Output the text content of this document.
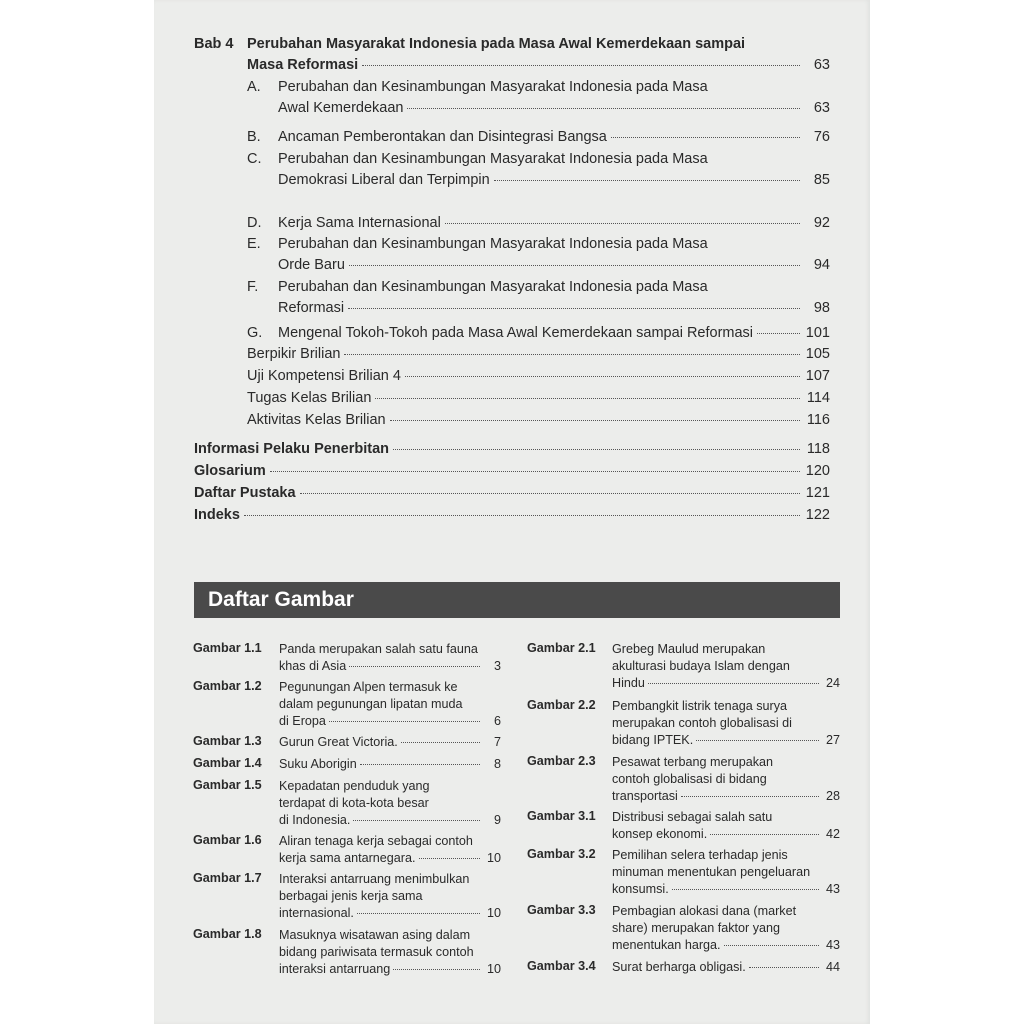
Bab 4 Perubahan Masyarakat Indonesia pada Masa Awal Kemerdekaan sampai
Masa Reformasi	63
A. Perubahan dan Kesinambungan Masyarakat Indonesia pada Masa
Awal Kemerdekaan	63
B. Ancaman Pemberontakan dan Disintegrasi Bangsa	76
C. Perubahan dan Kesinambungan Masyarakat Indonesia pada Masa
Demokrasi Liberal dan Terpimpin	85
D. Kerja Sama Internasional	92
E. Perubahan dan Kesinambungan Masyarakat Indonesia pada Masa
Orde Baru	94
F. Perubahan dan Kesinambungan Masyarakat Indonesia pada Masa
Reformasi	98
G. Mengenal Tokoh-Tokoh pada Masa Awal Kemerdekaan sampai Reformasi	101
Berpikir Brilian	105
Uji Kompetensi Brilian 4	107
Tugas Kelas Brilian	114
Aktivitas Kelas Brilian	116
Informasi Pelaku Penerbitan	118
Glosarium	120
Daftar Pustaka	121
Indeks	122
Daftar Gambar
Gambar 1.1 Panda merupakan salah satu fauna
khas di Asia	3
Gambar 1.2 Pegunungan Alpen termasuk ke
dalam pegunungan lipatan muda
di Eropa	6
Gambar 1.3 Gurun Great Victoria.	7
Gambar 1.4 Suku Aborigin	8
Gambar 1.5 Kepadatan penduduk yang
terdapat di kota-kota besar
di Indonesia.	9
Gambar 1.6 Aliran tenaga kerja sebagai contoh
kerja sama antarnegara.	10
Gambar 1.7 Interaksi antarruang menimbulkan
berbagai jenis kerja sama
internasional.	10
Gambar 1.8 Masuknya wisatawan asing dalam
bidang pariwisata termasuk contoh
interaksi antarruang	10
Gambar 2.1 Grebeg Maulud merupakan
akulturasi budaya Islam dengan
Hindu	24
Gambar 2.2 Pembangkit listrik tenaga surya
merupakan contoh globalisasi di
bidang IPTEK.	27
Gambar 2.3 Pesawat terbang merupakan
contoh globalisasi di bidang
transportasi	28
Gambar 3.1 Distribusi sebagai salah satu
konsep ekonomi.	42
Gambar 3.2 Pemilihan selera terhadap jenis
minuman menentukan pengeluaran
konsumsi.	43
Gambar 3.3 Pembagian alokasi dana (market
share) merupakan faktor yang
menentukan harga.	43
Gambar 3.4 Surat berharga obligasi.	44
